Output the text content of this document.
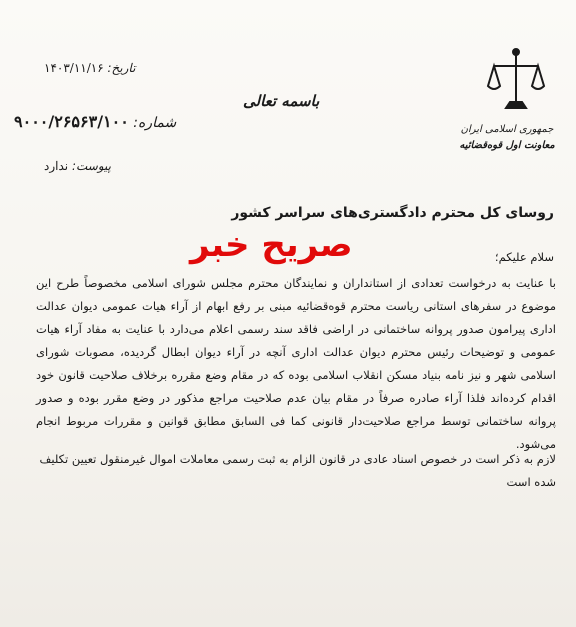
جمهوری اسلامی ایران
معاونت اول قوه‌قضائیه
باسمه تعالی
تاریخ: ۱۴۰۳/۱۱/۱۶
شماره: ۹۰۰۰/۲۶۵۶۳/۱۰۰
پیوست: ندارد
روسای کل محترم دادگستری‌های سراسر کشور
صریح خبر	سلام علیکم؛

با عنایت به درخواست تعدادی از استانداران و نمایندگان محترم مجلس شورای اسلامی مخصوصاً طرح این موضوع در سفرهای استانی ریاست محترم قوه‌قضائیه مبنی بر رفع ابهام از آراء هیات عمومی دیوان عدالت اداری پیرامون صدور پروانه ساختمانی در اراضی فاقد سند رسمی اعلام می‌دارد با عنایت به مفاد آراء هیات عمومی و توضیحات رئیس محترم دیوان عدالت اداری آنچه در آراء دیوان ابطال گردیده، مصوبات شورای اسلامی شهر و نیز نامه بنیاد مسکن انقلاب اسلامی بوده که در مقام وضع مقرره برخلاف صلاحیت قانون خود اقدام کرده‌اند فلذا آراء صادره صرفاً در مقام بیان عدم صلاحیت مراجع مذکور در وضع مقرر بوده و صدور پروانه ساختمانی توسط مراجع صلاحیت‌دار قانونی کما فی السابق مطابق قوانین و مقررات مربوط انجام می‌شود.

لازم به ذکر است در خصوص اسناد عادی در قانون الزام به ثبت رسمی معاملات اموال غیرمنقول تعیین تکلیف شده است
